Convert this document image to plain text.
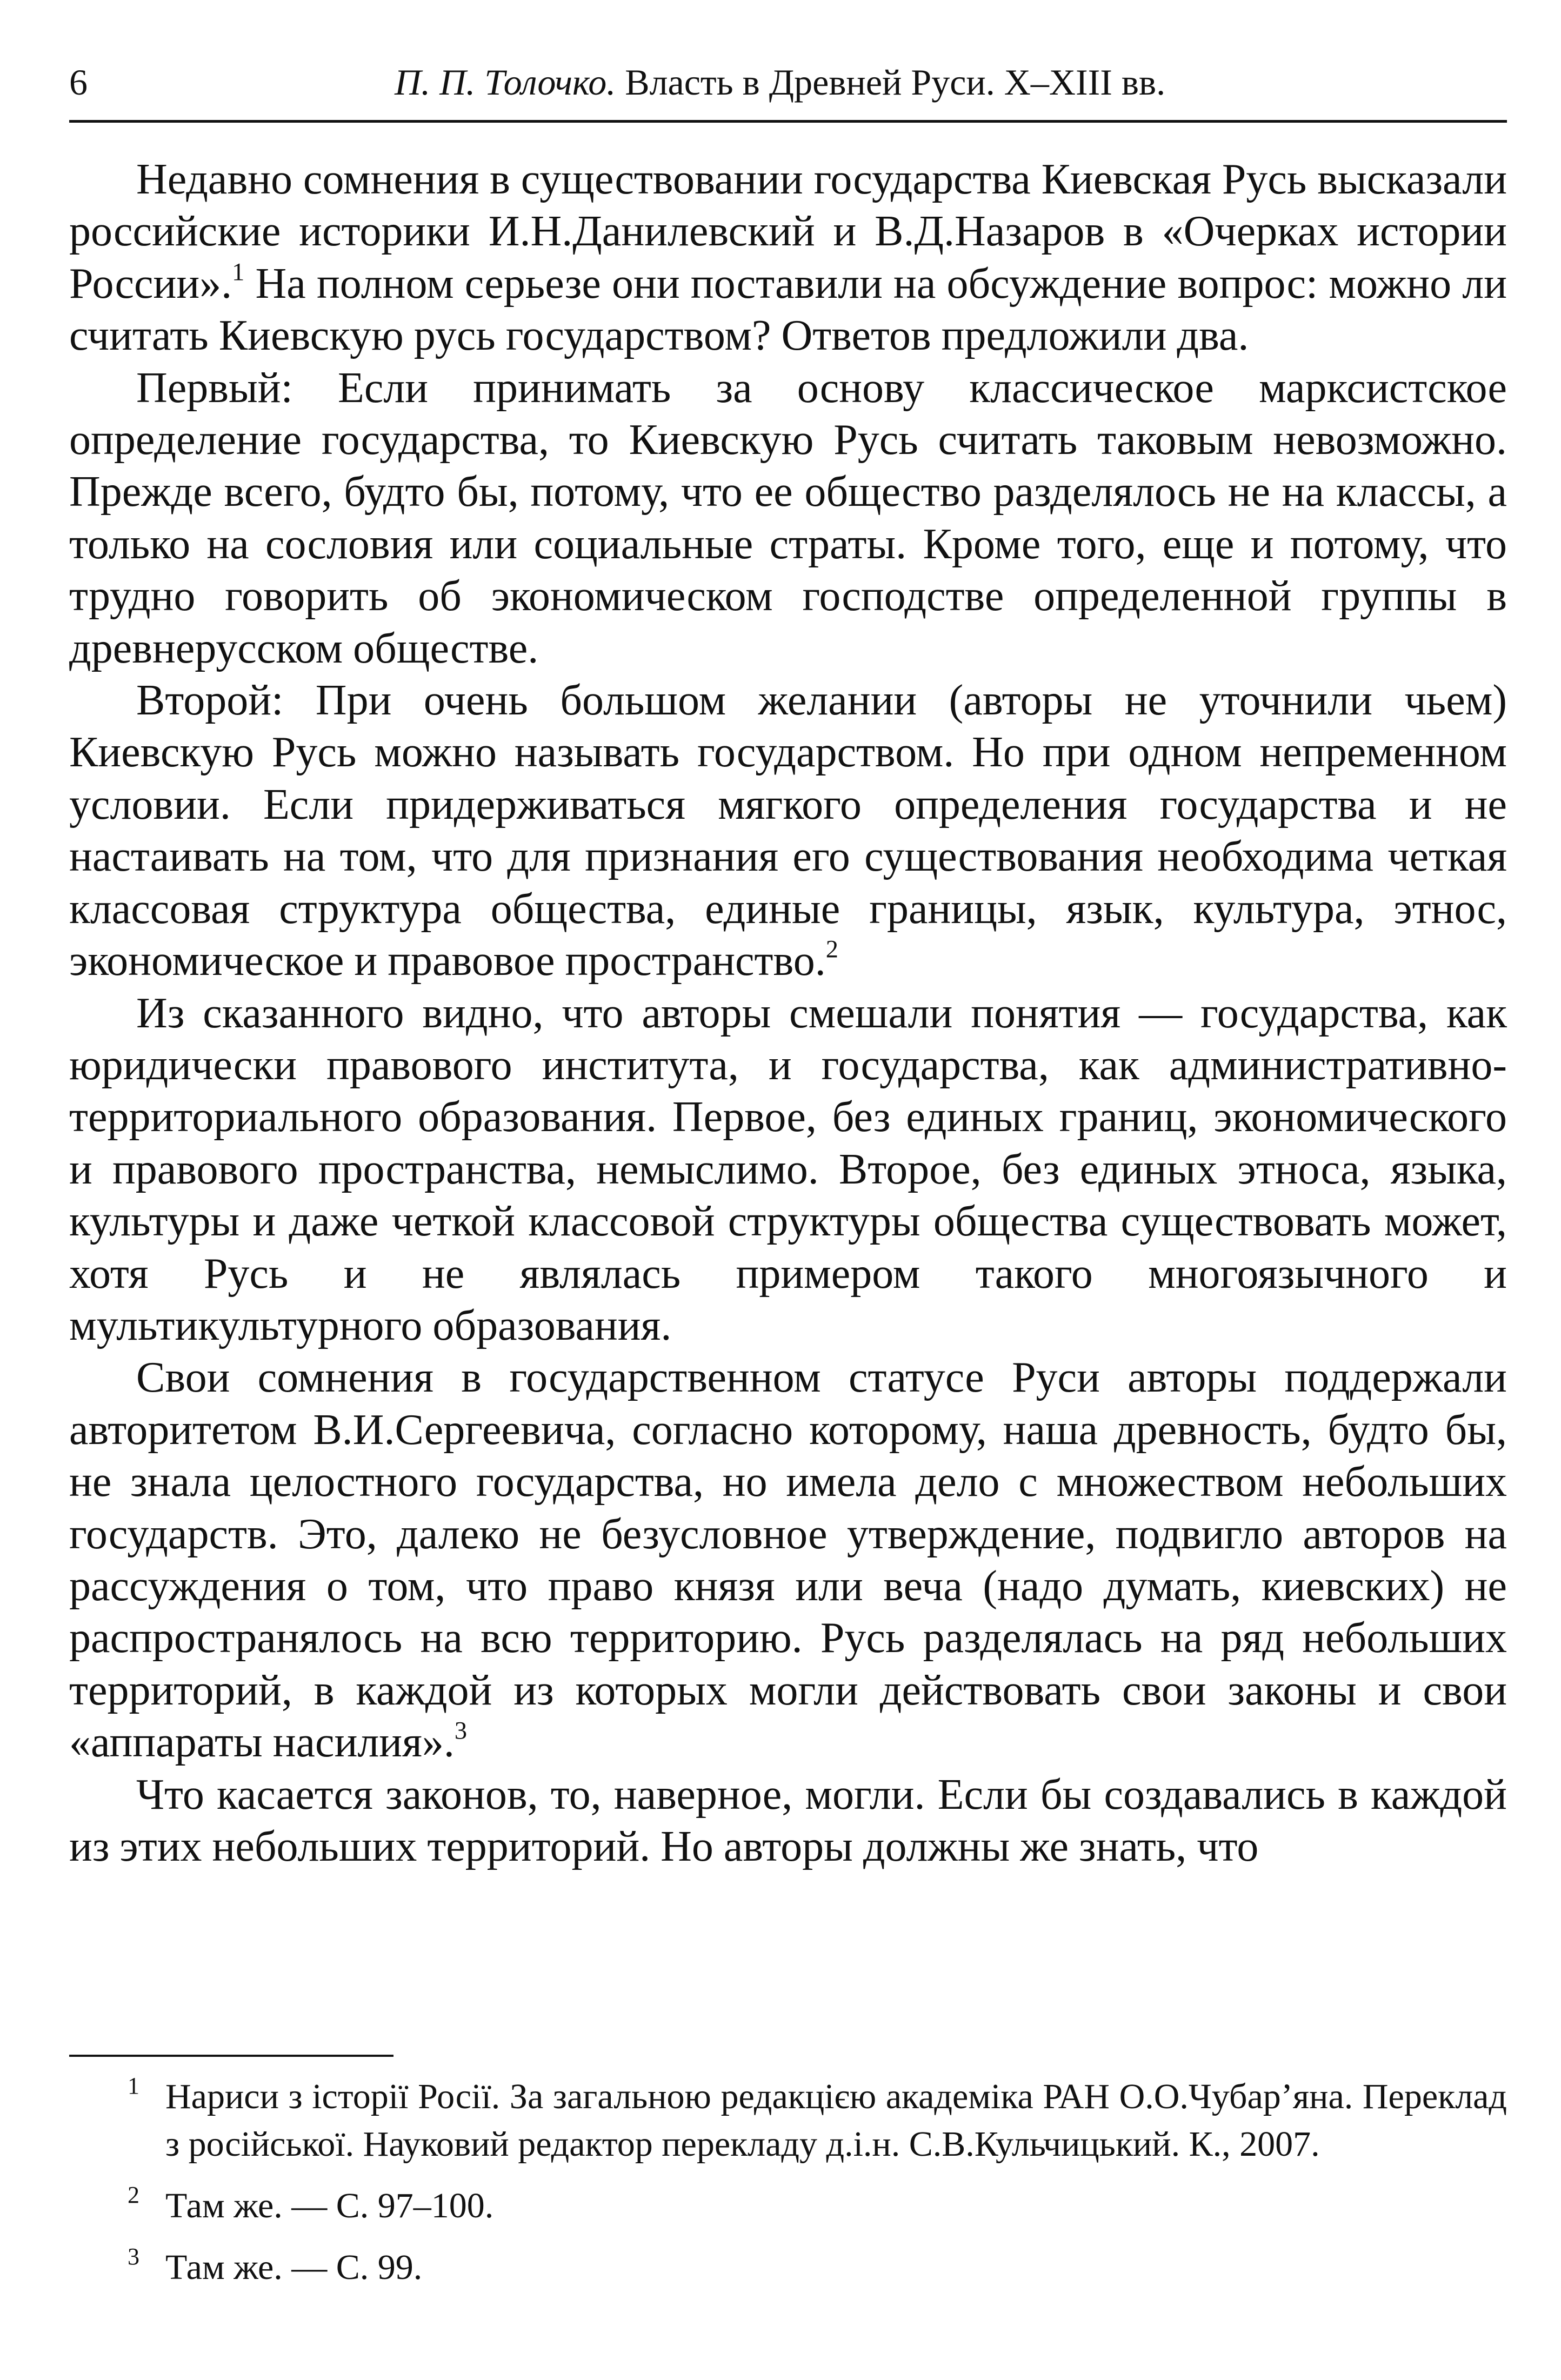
6	П. П. Толочко. Власть в Древней Руси. X–XIII вв.

Недавно сомнения в существовании государства Киевская Русь высказали российские историки И.Н.Данилевский и В.Д.Назаров в «Очерках истории России».$^1$ На полном серьезе они поставили на обсуждение вопрос: можно ли считать Киевскую русь государством? Ответов предложили два.

Первый: Если принимать за основу классическое марксистское определение государства, то Киевскую Русь считать таковым невозможно. Прежде всего, будто бы, потому, что ее общество разделялось не на классы, а только на сословия или социальные страты. Кроме того, еще и потому, что трудно говорить об экономическом господстве определенной группы в древнерусском обществе.

Второй: При очень большом желании (авторы не уточнили чьем) Киевскую Русь можно называть государством. Но при одном непременном условии. Если придерживаться мягкого определения государства и не настаивать на том, что для признания его существования необходима четкая классовая структура общества, единые границы, язык, культура, этнос, экономическое и правовое пространство.$^2$

Из сказанного видно, что авторы смешали понятия — государства, как юридически правового института, и государства, как административно-территориального образования. Первое, без единых границ, экономического и правового пространства, немыслимо. Второе, без единых этноса, языка, культуры и даже четкой классовой структуры общества существовать может, хотя Русь и не являлась примером такого многоязычного и мультикультурного образования.

Свои сомнения в государственном статусе Руси авторы поддержали авторитетом В.И.Сергеевича, согласно которому, наша древность, будто бы, не знала целостного государства, но имела дело с множеством небольших государств. Это, далеко не безусловное утверждение, подвигло авторов на рассуждения о том, что право князя или веча (надо думать, киевских) не распространялось на всю территорию. Русь разделялась на ряд небольших территорий, в каждой из которых могли действовать свои законы и свои «аппараты насилия».$^3$

Что касается законов, то, наверное, могли. Если бы создавались в каждой из этих небольших территорий. Но авторы должны же знать, что

1 Нариси з історії Росії. За загальною редакцією академіка РАН О.О.Чубар’яна. Переклад з російської. Науковий редактор перекладу д.і.н. С.В.Кульчицький. К., 2007.
2 Там же. — С. 97–100.
3 Там же. — С. 99.
